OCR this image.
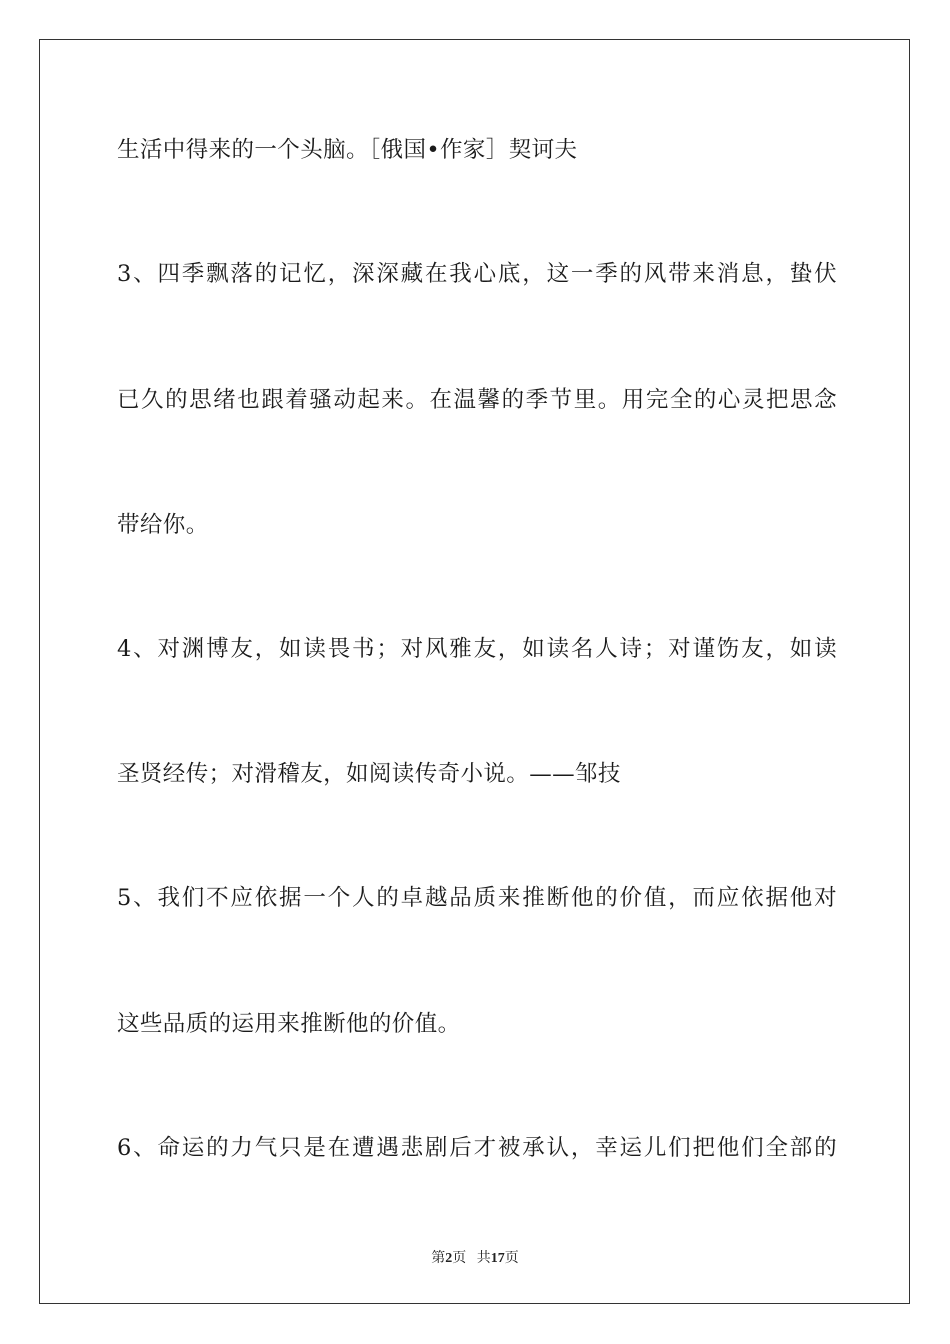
生活中得来的一个头脑。［俄国•作家］契诃夫

3、四季飘落的记忆，深深藏在我心底，这一季的风带来消息，蛰伏

已久的思绪也跟着骚动起来。在温馨的季节里。用完全的心灵把思念

带给你。

4、对渊博友，如读畏书；对风雅友，如读名人诗；对谨饬友，如读

圣贤经传；对滑稽友，如阅读传奇小说。——邹技

5、我们不应依据一个人的卓越品质来推断他的价值，而应依据他对

这些品质的运用来推断他的价值。

6、命运的力气只是在遭遇悲剧后才被承认，幸运儿们把他们全部的

第2页 共17页
